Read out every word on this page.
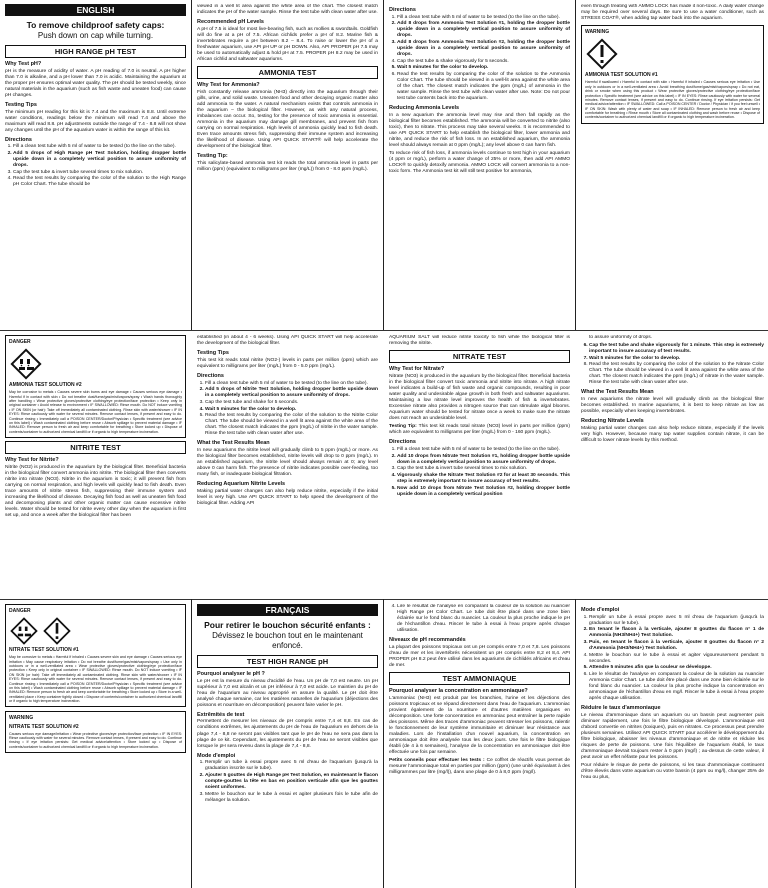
ENGLISH
To remove childproof safety caps:
Push down on cap while turning.
HIGH RANGE pH TEST
Why Test pH?

pH is the measure of acidity of water. A pH reading of 7.0 is neutral. A pH higher than 7.0 is alkaline, and a pH lower than 7.0 is acidic. Maintaining the aquarium at the proper pH ensures optimal water quality. The pH should be tested weekly, since natural materials in the aquarium (such as fish waste and uneaten food) can cause pH changes.

Testing Tips

The minimum pH reading for this kit is 7.4 and the maximum is 8.8. Until extreme water conditions, readings below the minimum will read 7.4 and above the maximum will read 8.8. pH adjustments outside the range of 7.4 - 8.8 will not show any changes until the pH of the aquarium water is within the range of this kit.

Directions
1. Fill a clean test tube with 5 ml of water to be tested (to the line on the tube).
2. Add 5 drops of High Range pH Test Solution, holding dropper bottle upside down in a completely vertical position to assure uniformity of drops.
3. Cap the test tube & invert tube several times to mix solution.
4. Read the test results by comparing the color of the solution to the High Range pH Color Chart. The tube should be

viewed in a well lit area against the white area of the chart. The closest match indicates the pH of the water sample. Rinse the test tube with clean water after use.

Recommended pH Levels

A pH of 7.5 is ideal for most live-bearing fish, such as mollies & swordtails. Goldfish will do fine at a pH of 7.5. African cichlids prefer a pH of 8.2. Marine fish & invertebrates require a pH between 8.2 – 8.4. To raise or lower the pH of a freshwater aquarium, use API pH UP or pH DOWN. Also, API PROPER pH 7.5 may be used to automatically adjust & hold pH at 7.5. PROPER pH 8.2 may be used in African cichlid and saltwater aquariums.

AMMONIA TEST
Why Test for Ammonia?

Fish constantly release ammonia (NH3) directly into the aquarium through their gills, urine, and solid waste. Uneaten food and other decaying organic matter also add ammonia to the water. A natural mechanism exists that controls ammonia in the aquarium – the biological filter. However, as with any natural process, imbalances can occur. So, testing for the presence of toxic ammonia is essential. Ammonia in the aquarium may damage gill membranes, and prevent fish from carrying on normal respiration. High levels of ammonia quickly lead to fish death. Even trace amounts stress fish, suppressing their immune system and increasing the likelihood of disease. Using API QUICK START® will help accelerate the development of the biological filter.

Testing Tip:

This salicylate-based ammonia test kit reads the total ammonia level in parts per million (ppm) (equivalent to milligrams per liter (mg/L)) from 0 - 8.0 ppm (mg/L).

Directions
1. Fill a clean test tube with 5 ml of water to be tested (to the line on the tube).
2. Add 8 drops from Ammonia Test Solution #1, holding the dropper bottle upside down in a completely vertical position to assure uniformity of drops.
3. Add 8 drops from Ammonia Test Solution #2, holding the dropper bottle upside down in a completely vertical position to assure uniformity of drops.
4. Cap the test tube & shake vigorously for 5 seconds.
5. Wait 5 minutes for the color to develop.
6. Read the test results by comparing the color of the solution to the Ammonia Color Chart. The tube should be viewed in a well-lit area against the white area of the chart. The closest match indicates the ppm (mg/L) of ammonia in the water sample. Rinse the test tube with clean water after use. Note: Do not pour test tube contents back into the aquarium.
Reducing Ammonia Levels

In a new aquarium the ammonia level may rise and then fall rapidly as the biological filter becomes established. The ammonia will be converted to nitrite (also toxic), then to nitrate. This process may take several weeks. It is recommended to use API QUICK START to help establish the biological filter, lower ammonia and nitrite, and reduce the risk of fish loss. In an established aquarium, the ammonia level should always remain at 0 ppm (mg/L); any level above 0 can harm fish.

To reduce risk of fish loss, if ammonia levels continue to test high in your aquarium (4 ppm or mg/L), perform a water change of 25% or more, then add API AMMO LOCK® to quickly detoxify ammonia. AMMO LOCK will convert ammonia to a non-toxic form. The Ammonia test kit will still test positive for ammonia,

even through treating with AMMO LOCK has made it non-toxic. A daily water change may be required over several days. Be sure to use a water conditioner, such as STRESS COAT®, when adding tap water back into the aquarium.

WARNING
AMMONIA TEST SOLUTION #1
Harmful if swallowed • Harmful in contact with skin • Harmful if inhaled • Causes serious eye irritation • Use only in outdoors or in a well-ventilated area • Avoid breathing dust/fume/gas/mist/vapors/spray • Do not eat, drink or smoke when using this product • Wear protective gloves/protective clothing/eye protection/face protection • Specific treatment (see advice on this label) • IF IN EYES: Rinse cautiously with water for several minutes. Remove contact lenses, if present and easy to do. Continue rinsing. If eye irritation persists: Get medical advice/attention • IF SWALLOWED: Call a POISON CENTER / Doctor / Physician / if you feel unwell • IF ON SKIN: Wash with plenty of water and soap • IF INHALED: Remove person to fresh air and keep comfortable for breathing • Rinse mouth • Store all contaminated clothing and wash before reuse • Dispose of contents/container to authorized chemical landfill or if organic to high temperature incineration.
DANGER
AMMONIA TEST SOLUTION #2
May be corrosive to metals • Causes severe skin burns and eye damage • Causes serious eye damage • Harmful if in contact with skin • Do not breathe dust/fume/gas/mist/vapors/spray • Wash hands thoroughly after handling • Wear protective gloves/protective clothing/eye protection/face protection • Keep only in original container • Avoid release to environment • IF SWALLOWED: Rinse mouth. Do NOT induce vomiting • IF ON SKIN (or hair): Take off immediately all contaminated clothing. Rinse skin with water/shower • IF IN EYES: Rinse cautiously with water for several minutes. Remove contact lenses, if present and easy to do. Continue rinsing • Immediately call a POISON CENTER/Doctor/Physician • Specific treatment (see advice on this label) • Wash contaminated clothing before reuse • Absorb spillage to prevent material damage • IF INHALED: Remove person to fresh air and keep comfortable for breathing • Store locked up • Dispose of contents/container to authorized chemical landfill or if organic to high temperature incineration.
NITRITE TEST
Why Test for Nitrite?

Nitrite (NO2) is produced in the aquarium by the biological filter. Beneficial bacteria in the biological filter convert ammonia into nitrite. The biological filter then converts nitrite into nitrate (NO3). Nitrite in the aquarium is toxic; it will prevent fish from carrying on normal respiration, and high levels will quickly lead to fish death. Even trace amounts of nitrite stress fish, suppressing their immune system and increasing the likelihood of disease. Decaying fish food as well as uneaten fish food and decomposing plants and other organic matter can cause excessive nitrite levels. Water should be tested for nitrite every other day when the aquarium is first set up, and once a week after the biological filter has been

established (in about 4 - 6 weeks). Using API QUICK START will help accelerate the development of the biological filter.

Testing Tips

This test kit reads total nitrite (NO2-) levels in parts per million (ppm) which are equivalent to milligrams per liter (mg/L) from 0 - 5.0 ppm (mg/L).

Directions
1. Fill a clean test tube with 5 ml of water to be tested (to the line on the tube).
2. Add 5 drops of Nitrite Test Solution, holding dropper bottle upside down in a completely vertical position to assure uniformity of drops.
3. Cap the test tube and shake for 5 seconds.
4. Wait 5 minutes for the color to develop.
5. Read the test results by comparing the color of the solution to the Nitrite Color Chart. The tube should be viewed in a well lit area against the white area of the chart. The closest match indicates the ppm (mg/L) of nitrite in the water sample. Rinse the test tube with clean water after use.
What the Test Results Mean

In new aquariums the nitrite level will gradually climb to 5 ppm (mg/L) or more. As the biological filter becomes established, nitrite levels will drop to 0 ppm (mg/L). In an established aquarium, the nitrite level should always remain at 0; any level above 0 can harm fish. The presence of nitrite indicates possible over-feeding, too many fish, or inadequate biological filtration.

Reducing Aquarium Nitrite Levels

Making partial water changes can also help reduce nitrite, especially if the initial level is very high. Use API QUICK START to help speed the development of the biological filter. Adding API

AQUARIUM SALT will reduce nitrite toxicity to fish while the biological filter is removing the nitrite.

NITRATE TEST
Why Test for Nitrate?

Nitrate (NO3) is produced in the aquarium by the biological filter. Beneficial bacteria in the biological filter convert toxic ammonia and nitrite into nitrate. A high nitrate level indicates a build-up of fish waste and organic compounds, resulting in poor water quality and undesirable algae growth in both fresh and saltwater aquariums. Maintaining a low nitrate level improves the health of fish & invertebrates. Excessive nitrate also provides a nitrogen source that can stimulate algal blooms. Aquarium water should be tested for nitrate once a week to make sure the nitrate does not reach an undesirable level.

Testing Tip: This test kit reads total nitrate (NO3) level in parts per million (ppm) which are equivalent to milligrams per liter (mg/L) from 0 - 160 ppm (mg/L).

Directions
1. Fill a clean test tube with 5 ml of water to be tested (to the line on the tube).
2. Add 10 drops from Nitrate Test Solution #1, holding dropper bottle upside down in a completely vertical position to assure uniformity of drops.
3. Cap the test tube & invert tube several times to mix solution.
4. Vigorously shake the Nitrate Test Solution #2 for at least 30 seconds. This step is extremely important to insure accuracy of test results.
5. Now add 10 drops from Nitrate Test Solution #2, holding dropper bottle upside down in a completely vertical position

to assure uniformity of drops.

6. Cap the test tube and shake vigorously for 1 minute. This step is extremely important to insure accuracy of test results.
7. Wait 5 minutes for the color to develop.
8. Read the test results by comparing the color of the solution to the Nitrate Color Chart. The tube should be viewed in a well lit area against the white area of the chart. The closest match indicates the ppm (mg/L) of nitrate in the water sample. Rinse the test tube with clean water after use.
What the Test Results Mean

In new aquariums the nitrate level will gradually climb as the biological filter becomes established. In marine aquariums, it is best to keep nitrate as low as possible, especially when keeping invertebrates.

Reducing Nitrate Levels

Making partial water changes can also help reduce nitrate, especially if the levels very high. However, because many tap water supplies contain nitrate, it can be difficult to lower nitrate levels by this method.

DANGER
NITRATE TEST SOLUTION #1
May be corrosive to metals • Harmful if inhaled • Causes severe skin and eye damage • Causes serious eye irritation • May cause respiratory irritation • Do not breathe dust/fume/gas/mist/vapors/spray • Use only in outdoors or in a well-ventilated area • Wear protective gloves/protective clothing/eye protection/face protection • Keep only in original container • IF SWALLOWED: Rinse mouth. Do NOT induce vomiting • IF ON SKIN (or hair): Take off immediately all contaminated clothing. Rinse skin with water/shower • IF IN EYES: Rinse cautiously with water for several minutes. Remove contact lenses, if present and easy to do. Continue rinsing • Immediately call a POISON CENTER/Doctor/Physician • Specific treatment (see advice on this label) • Wash contaminated clothing before reuse • Absorb spillage to prevent material damage • IF INHALED: Remove person to fresh air and keep comfortable for breathing • Store locked up • Store in a well-ventilated place • Keep container tightly closed • Dispose of contents/container to authorized chemical landfill or if organic to high temperature incineration.
WARNING
NITRATE TEST SOLUTION #2
Causes serious eye damage/irritation • Wear protective gloves/eye protection/face protection • IF IN EYES: Rinse cautiously with water for several minutes. Remove contact lenses, if present and easy to do. Continue rinsing • If eye irritation persists: Get medical advice/attention • Store locked up • Dispose of contents/container to authorized chemical landfill or if organic to high temperature incineration.
FRANÇAIS
Pour retirer le bouchon sécurité enfants :
Dévissez le bouchon tout en le maintenant enfoncé.
TEST HIGH RANGE pH
Pourquoi analyser le pH ?

Le pH est la mesure du niveau d'acidité de l'eau. Un pH de 7,0 est neutre. Un pH supérieur à 7,0 est alcalin et un pH inférieur à 7,0 est acide. Le maintien du pH de l'eau de l'aquarium au niveau approprié en assure la qualité. Le pH doit être analysé chaque semaine, car les matières naturelles de l'aquarium (déjections des poissons et nourriture en décomposition) peuvent faire varier le pH.

Extrêmités de test

Permettent de mesurer les niveaux de pH compris entre 7,4 et 8,8. En cas de conditions extrêmes, les ajustements du pH de l'eau de l'aquarium en dehors de la plage 7,4 - 8,8 ne seront pas visibles tant que le pH de l'eau ne sera pas dans la plage de ce kit. Cependant, les ajustements du pH de l'eau ne seront visibles que lorsque le pH sera revenu dans la plage de 7,4 - 8,8.

Mode d'emploi
1. Remplir un tube à essai propre avec 5 ml d'eau de l'aquarium (jusqu'à la graduation inscrite sur le tube).
2. Ajouter 5 gouttes de High Range pH Test Solution, en maintenant le flacon compte-gouttes la tête en bas en position verticale afin que les gouttes soient uniformes.
3. Mettre le bouchon sur le tube à essai et agiter plusieurs fois le tube afin de mélanger la solution.
4. Lire le résultat de l'analyse en comparant la couleur de la solution au nuancier High Range pH Color Chart. Le tube doit être placé dans une zone bien éclairée sur le fond blanc du nuancier. La couleur la plus proche indique le pH de l'échantillon d'eau. Rincer le tube à essai à l'eau propre après chaque utilisation.
Niveaux de pH recommandés

La plupart des poissons tropicaux ont un pH compris entre 7,0 et 7,8. Les poissons d'eau de mer et les invertébrés nécessitent un pH compris entre 8,2 et 8,4. API PROPER pH 8.2 peut être utilisé dans les aquariums de cichlidés africains et d'eau de mer.

TEST AMMONIAQUE
Pourquoi analyser la concentration en ammoniaque?

L'ammoniac (NH3) est produit par les branchies, l'urine et les déjections des poissons tropicaux et se répand directement dans l'eau de l'aquarium. L'ammoniac provient également de la nourriture et d'autres matières organiques en décomposition. Une forte concentration en ammoniac peut entraîner la perte rapide des poissons. Même des traces d'ammoniac peuvent stresser les poissons, ralentir le fonctionnement de leur système immunitaire et diminuer leur résistance aux maladies. Lors de l'installation d'un nouvel aquarium, la concentration en ammoniaque doit être analysée tous les deux jours. Une fois le filtre biologique établi (de 4 à 6 semaines), l'analyse de la concentration en ammoniaque doit être effectuée une fois par semaine.

Petits conseils pour effectuer les tests : Ce coffret de réactifs vous permet de mesurer l'ammoniaque total en parties par million (ppm) (une unité équivalant à des milligrammes par litre (mg/l)), dans une plage de 0 à 8,0 ppm (mg/l).

Mode d'emploi
1. Remplir un tube à essai propre avec 5 ml d'eau de l'aquarium (jusqu'à la graduation sur le tube).
2. En tenant le flacon à la verticale, ajouter 8 gouttes du flacon n° 1 de Ammonia (NH3/NH4+) Test Solution.
3. Puis, en tenant le flacon à la verticale, ajouter 8 gouttes du flacon n° 2 d'Ammonia (NH3/NH4+) Test Solution.
4. Mettre le bouchon sur le tube à essai et agiter vigoureusement pendant 5 secondes.
5. Attendre 5 minutes afin que la couleur se développe.
6. Lire le résultat de l'analyse en comparant la couleur de la solution au nuancier Ammonia Color Chart. Le tube doit être placé dans une zone bien éclairée sur le fond blanc du nuancier. La couleur la plus proche indique la concentration en ammoniaque de l'échantillon d'eau en mg/l. Rincer le tube à essai à l'eau propre après chaque utilisation.
Réduire le taux d'ammoniaque

Le niveau d'ammoniaque dans un aquarium ou un bassin peut augmenter puis diminuer rapidement, une fois le filtre biologique développé. L'ammoniaque est d'abord convertie en nitrites (toxiques), puis en nitrates. Ce processus peut prendre plusieurs semaines. Utilisez API QUICK START pour accélérer le développement du filtre biologique, abaisser les niveaux d'ammoniaque et de nitrite et réduire les risques de perte de poissons. Une fois l'équilibre de l'aquarium établi, le taux d'ammoniaque devrait toujours rester à 0 ppm (mg/l) ; au-dessus de cette valeur, il peut avoir un effet néfaste pour les poissons.

Pour réduire le risque de perte de poissons, si les taux d'ammoniaque continuent d'être élevés dans votre aquarium ou votre bassin (4 ppm ou mg/l), changer 25% de l'eau ou plus,
